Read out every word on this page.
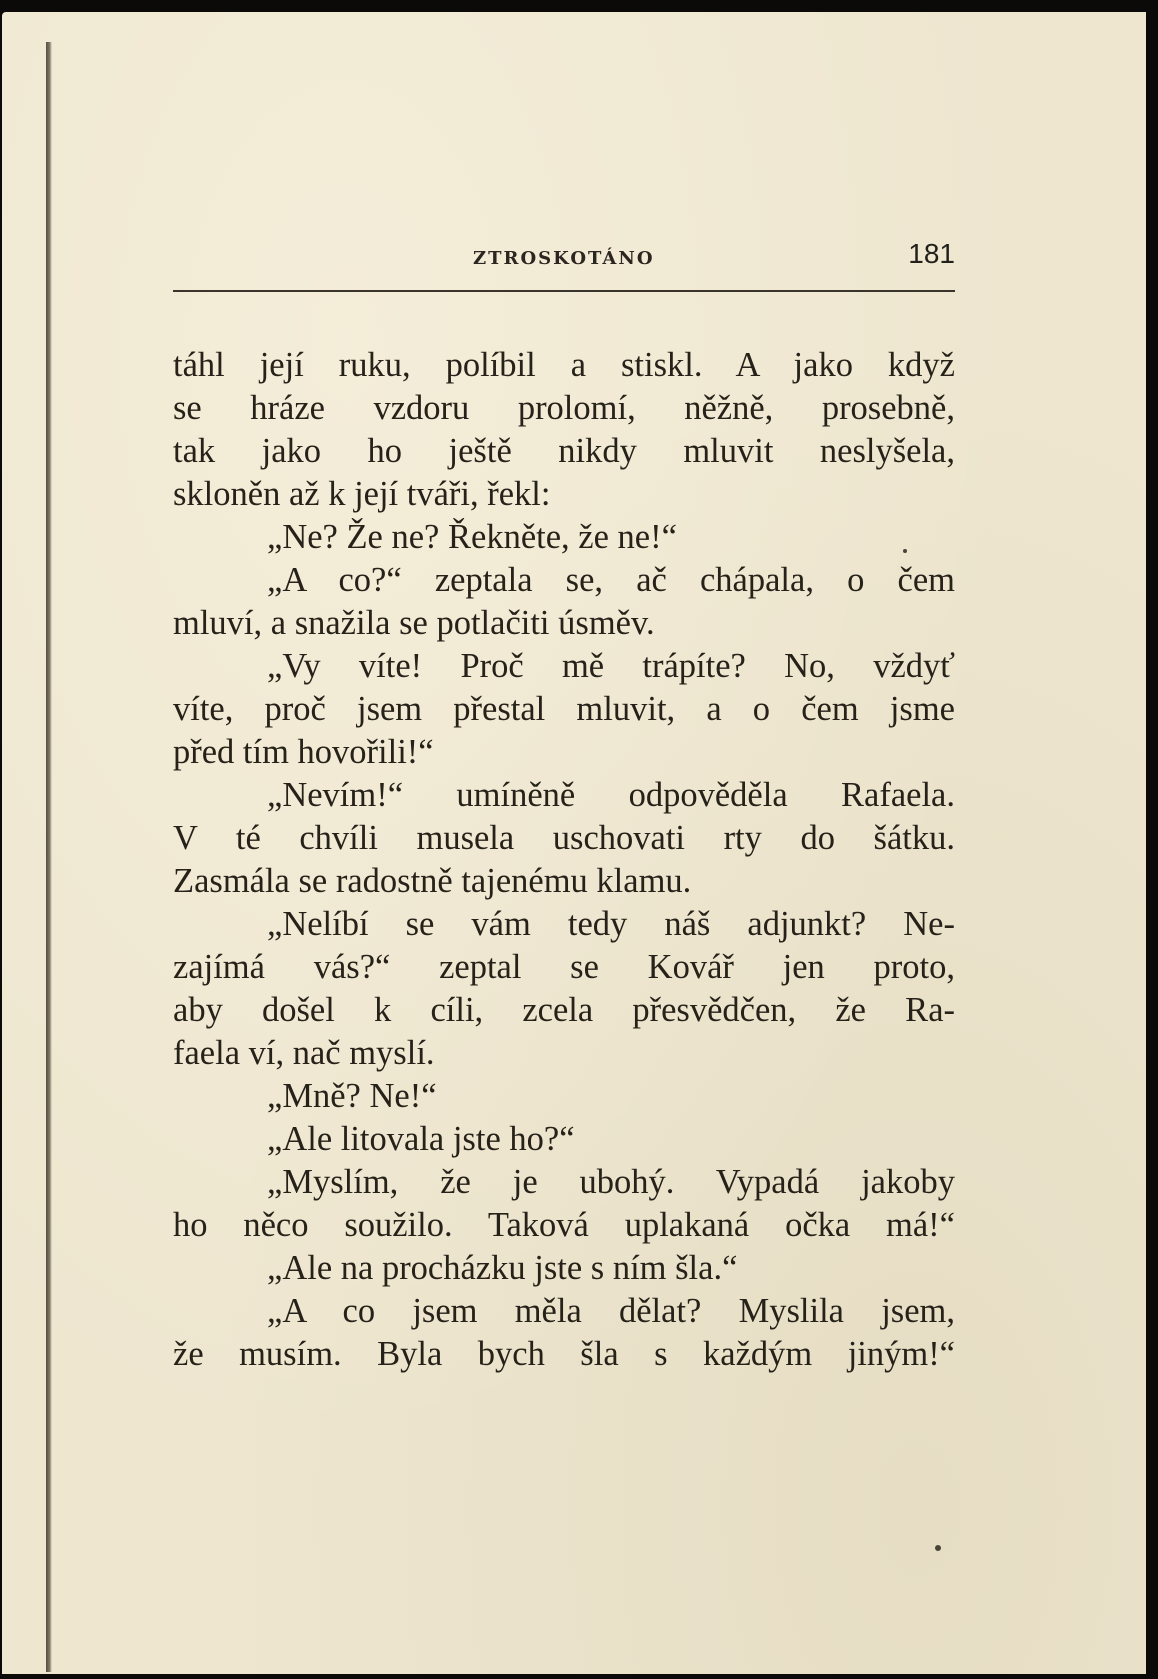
ZTROSKOTÁNO	181
táhl její ruku, políbil a stiskl. A jako když
se hráze vzdoru prolomí, něžně, prosebně,
tak jako ho ještě nikdy mluvit neslyšela,
skloněn až k její tváři, řekl:
„Ne? Že ne? Řekněte, že ne!“
„A co?“ zeptala se, ač chápala, o čem
mluví, a snažila se potlačiti úsměv.
„Vy víte! Proč mě trápíte? No, vždyť
víte, proč jsem přestal mluvit, a o čem jsme
před tím hovořili!“
„Nevím!“ umíněně odpověděla Rafaela.
V té chvíli musela uschovati rty do šátku.
Zasmála se radostně tajenému klamu.
„Nelíbí se vám tedy náš adjunkt? Ne-
zajímá vás?“ zeptal se Kovář jen proto,
aby došel k cíli, zcela přesvědčen, že Ra-
faela ví, nač myslí.
„Mně? Ne!“
„Ale litovala jste ho?“
„Myslím, že je ubohý. Vypadá jakoby
ho něco soužilo. Taková uplakaná očka má!“
„Ale na procházku jste s ním šla.“
„A co jsem měla dělat? Myslila jsem,
že musím. Byla bych šla s každým jiným!“
